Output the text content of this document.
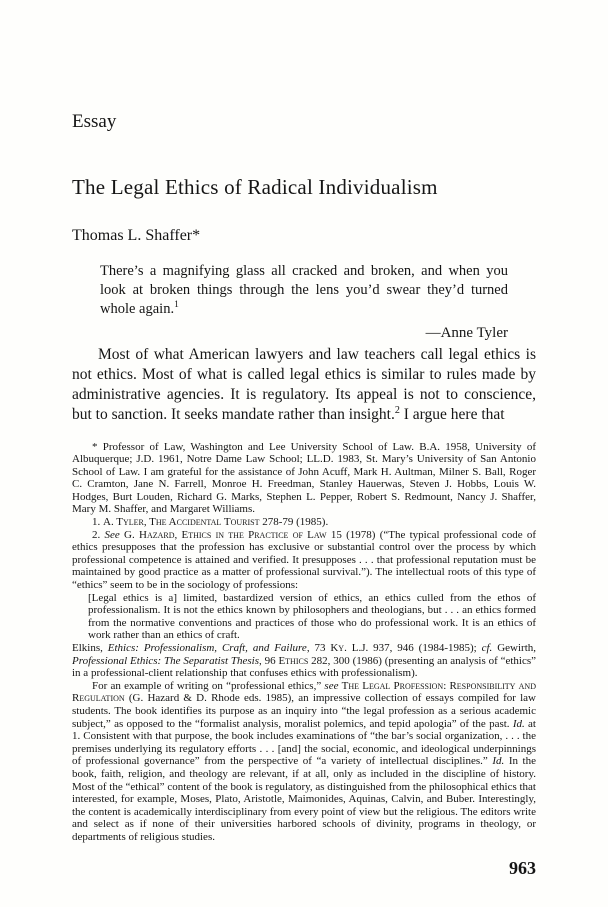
Essay
The Legal Ethics of Radical Individualism
Thomas L. Shaffer*
There’s a magnifying glass all cracked and broken, and when you look at broken things through the lens you’d swear they’d turned whole again.$^1$
—Anne Tyler

Most of what American lawyers and law teachers call legal ethics is not ethics. Most of what is called legal ethics is similar to rules made by administrative agencies. It is regulatory. Its appeal is not to conscience, but to sanction. It seeks mandate rather than insight.$^2$ I argue here that

* Professor of Law, Washington and Lee University School of Law. B.A. 1958, University of Albuquerque; J.D. 1961, Notre Dame Law School; LL.D. 1983, St. Mary’s University of San Antonio School of Law. I am grateful for the assistance of John Acuff, Mark H. Aultman, Milner S. Ball, Roger C. Cramton, Jane N. Farrell, Monroe H. Freedman, Stanley Hauerwas, Steven J. Hobbs, Louis W. Hodges, Burt Louden, Richard G. Marks, Stephen L. Pepper, Robert S. Redmount, Nancy J. Shaffer, Mary M. Shaffer, and Margaret Williams.

1. A. Tyler, The Accidental Tourist 278-79 (1985).

2. See G. Hazard, Ethics in the Practice of Law 15 (1978) (“The typical professional code of ethics presupposes that the profession has exclusive or substantial control over the process by which professional competence is attained and verified. It presupposes . . . that professional reputation must be maintained by good practice as a matter of professional survival.”). The intellectual roots of this type of “ethics” seem to be in the sociology of professions:

[Legal ethics is a] limited, bastardized version of ethics, an ethics culled from the ethos of professionalism. It is not the ethics known by philosophers and theologians, but . . . an ethics formed from the normative conventions and practices of those who do professional work. It is an ethics of work rather than an ethics of craft.

Elkins, Ethics: Professionalism, Craft, and Failure, 73 Ky. L.J. 937, 946 (1984-1985); cf. Gewirth, Professional Ethics: The Separatist Thesis, 96 Ethics 282, 300 (1986) (presenting an analysis of “ethics” in a professional-client relationship that confuses ethics with professionalism).

For an example of writing on “professional ethics,” see The Legal Profession: Responsibility and Regulation (G. Hazard & D. Rhode eds. 1985), an impressive collection of essays compiled for law students. The book identifies its purpose as an inquiry into “the legal profession as a serious academic subject,” as opposed to the “formalist analysis, moralist polemics, and tepid apologia” of the past. Id. at 1. Consistent with that purpose, the book includes examinations of “the bar’s social organization, . . . the premises underlying its regulatory efforts . . . [and] the social, economic, and ideological underpinnings of professional governance” from the perspective of “a variety of intellectual disciplines.” Id. In the book, faith, religion, and theology are relevant, if at all, only as included in the discipline of history. Most of the “ethical” content of the book is regulatory, as distinguished from the philosophical ethics that interested, for example, Moses, Plato, Aristotle, Maimonides, Aquinas, Calvin, and Buber. Interestingly, the content is academically interdisciplinary from every point of view but the religious. The editors write and select as if none of their universities harbored schools of divinity, programs in theology, or departments of religious studies.

963
